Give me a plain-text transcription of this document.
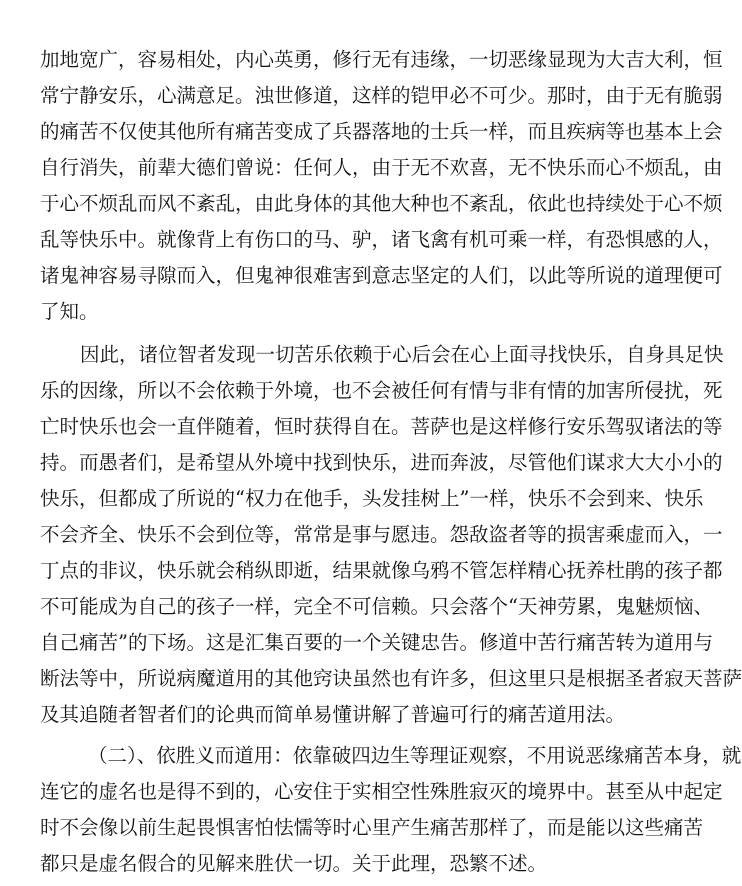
加地宽广，容易相处，内心英勇，修行无有违缘，一切恶缘显现为大吉大利，恒
常宁静安乐，心满意足。浊世修道，这样的铠甲必不可少。那时，由于无有脆弱
的痛苦不仅使其他所有痛苦变成了兵器落地的士兵一样，而且疾病等也基本上会
自行消失，前辈大德们曾说：任何人，由于无不欢喜，无不快乐而心不烦乱，由
于心不烦乱而风不紊乱，由此身体的其他大种也不紊乱，依此也持续处于心不烦
乱等快乐中。就像背上有伤口的马、驴，诸飞禽有机可乘一样，有恐惧感的人，
诸鬼神容易寻隙而入，但鬼神很难害到意志坚定的人们，以此等所说的道理便可
了知。
因此，诸位智者发现一切苦乐依赖于心后会在心上面寻找快乐，自身具足快
乐的因缘，所以不会依赖于外境，也不会被任何有情与非有情的加害所侵扰，死
亡时快乐也会一直伴随着，恒时获得自在。菩萨也是这样修行安乐驾驭诸法的等
持。而愚者们，是希望从外境中找到快乐，进而奔波，尽管他们谋求大大小小的
快乐，但都成了所说的“权力在他手，头发挂树上”一样，快乐不会到来、快乐
不会齐全、快乐不会到位等，常常是事与愿违。怨敌盗者等的损害乘虚而入，一
丁点的非议，快乐就会稍纵即逝，结果就像乌鸦不管怎样精心抚养杜鹃的孩子都
不可能成为自己的孩子一样，完全不可信赖。只会落个“天神劳累，鬼魅烦恼、
自己痛苦”的下场。这是汇集百要的一个关键忠告。修道中苦行痛苦转为道用与
断法等中，所说病魔道用的其他窍诀虽然也有许多，但这里只是根据圣者寂天菩萨
及其追随者智者们的论典而简单易懂讲解了普遍可行的痛苦道用法。
（二）、依胜义而道用：依靠破四边生等理证观察，不用说恶缘痛苦本身，就
连它的虚名也是得不到的，心安住于实相空性殊胜寂灭的境界中。甚至从中起定
时不会像以前生起畏惧害怕怯懦等时心里产生痛苦那样了，而是能以这些痛苦
都只是虚名假合的见解来胜伏一切。关于此理，恐繁不述。
